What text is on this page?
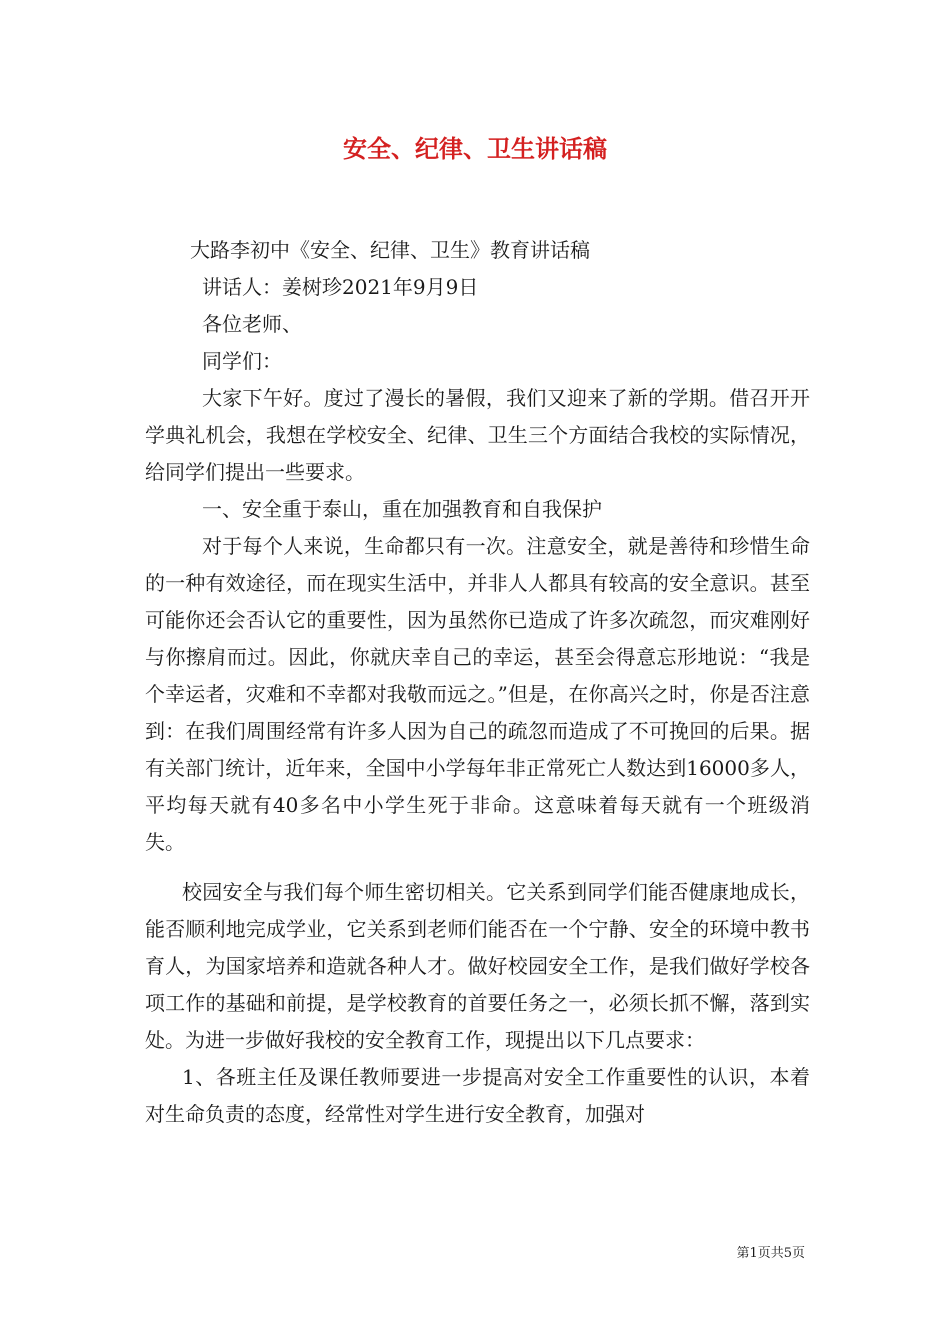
安全、纪律、卫生讲话稿

大路李初中《安全、纪律、卫生》教育讲话稿

讲话人：姜树珍2021年9月9日

各位老师、

同学们：

大家下午好。度过了漫长的暑假，我们又迎来了新的学期。借召开开学典礼机会，我想在学校安全、纪律、卫生三个方面结合我校的实际情况，给同学们提出一些要求。

一、安全重于泰山，重在加强教育和自我保护

对于每个人来说，生命都只有一次。注意安全，就是善待和珍惜生命的一种有效途径，而在现实生活中，并非人人都具有较高的安全意识。甚至可能你还会否认它的重要性，因为虽然你已造成了许多次疏忽，而灾难刚好与你擦肩而过。因此，你就庆幸自己的幸运，甚至会得意忘形地说：“我是个幸运者，灾难和不幸都对我敬而远之。”但是，在你高兴之时，你是否注意到：在我们周围经常有许多人因为自己的疏忽而造成了不可挽回的后果。据有关部门统计，近年来，全国中小学每年非正常死亡人数达到16000多人，平均每天就有40多名中小学生死于非命。这意味着每天就有一个班级消失。

校园安全与我们每个师生密切相关。它关系到同学们能否健康地成长，能否顺利地完成学业，它关系到老师们能否在一个宁静、安全的环境中教书育人，为国家培养和造就各种人才。做好校园安全工作，是我们做好学校各项工作的基础和前提，是学校教育的首要任务之一，必须长抓不懈，落到实处。为进一步做好我校的安全教育工作，现提出以下几点要求：

1、各班主任及课任教师要进一步提高对安全工作重要性的认识，本着对生命负责的态度，经常性对学生进行安全教育，加强对

第1页共5页
